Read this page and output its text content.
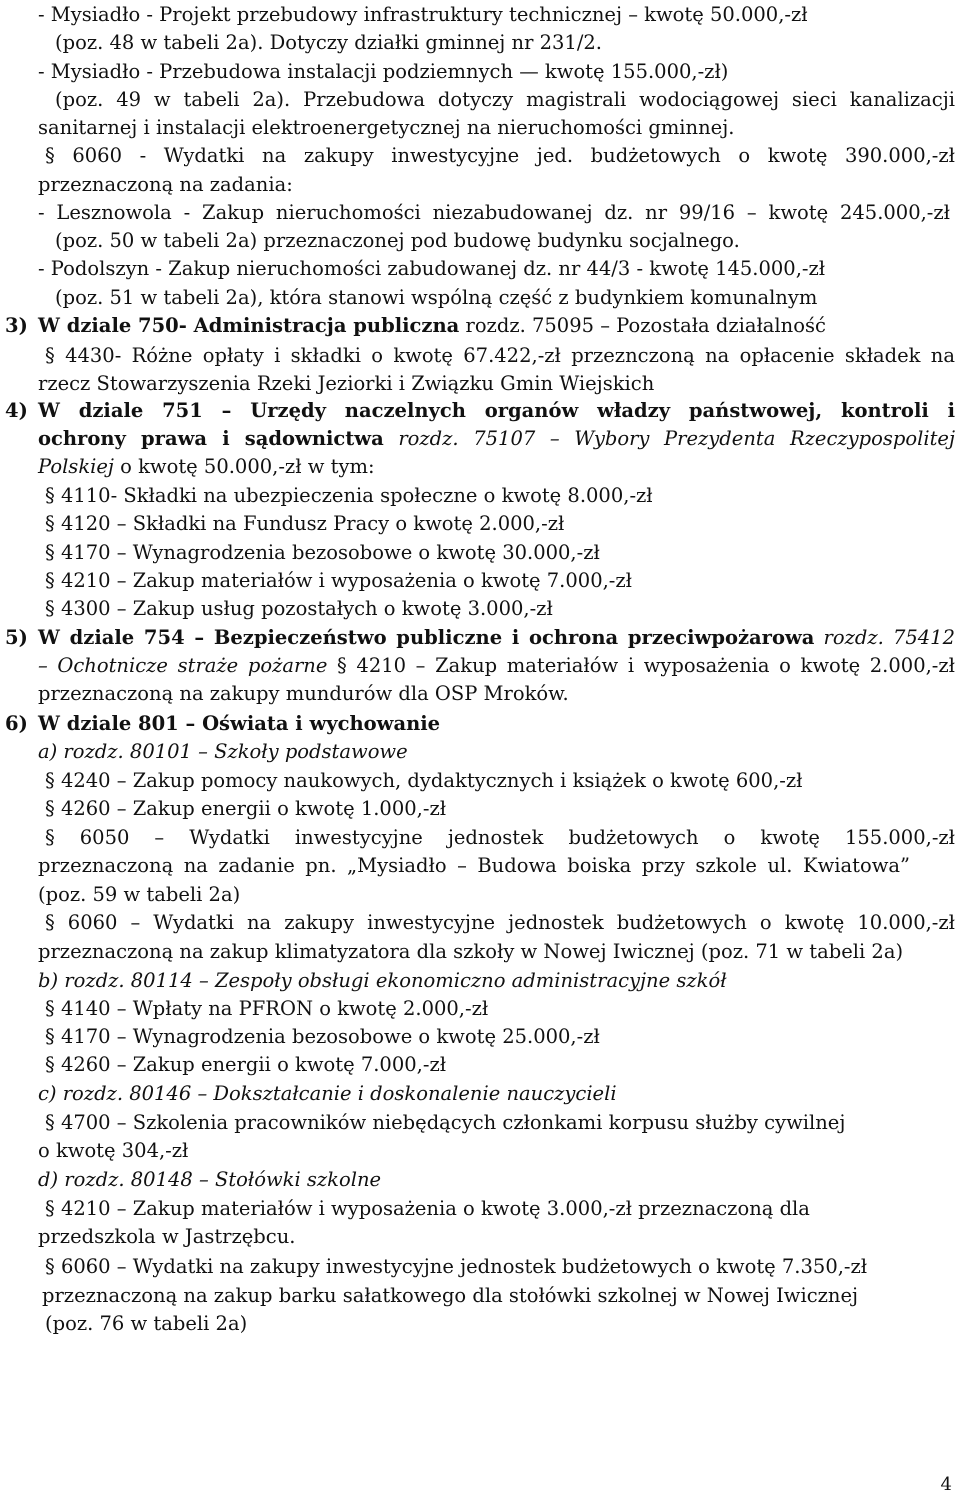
- Mysiadło - Projekt przebudowy infrastruktury technicznej – kwotę 50.000,-zł
(poz. 48 w tabeli 2a). Dotyczy działki gminnej nr 231/2.
- Mysiadło - Przebudowa instalacji podziemnych — kwotę 155.000,-zł)
(poz. 49 w tabeli 2a). Przebudowa dotyczy magistrali wodociągowej sieci kanalizacji
sanitarnej i instalacji elektroenergetycznej na nieruchomości gminnej.
§ 6060 - Wydatki na zakupy inwestycyjne jed. budżetowych o kwotę 390.000,-zł
przeznaczoną na zadania:
- Lesznowola - Zakup nieruchomości niezabudowanej dz. nr 99/16 – kwotę 245.000,-zł
(poz. 50 w tabeli 2a) przeznaczonej pod budowę budynku socjalnego.
- Podolszyn - Zakup nieruchomości zabudowanej dz. nr 44/3 - kwotę 145.000,-zł
(poz. 51 w tabeli 2a), która stanowi wspólną część z budynkiem komunalnym
3) W dziale 750- Administracja publiczna rozdz. 75095 – Pozostała działalność
§ 4430- Różne opłaty i składki o kwotę 67.422,-zł przeznczoną na opłacenie składek na
rzecz Stowarzyszenia Rzeki Jeziorki i Związku Gmin Wiejskich
4) W dziale 751 – Urzędy naczelnych organów władzy państwowej, kontroli i
ochrony prawa i sądownictwa rozdz. 75107 – Wybory Prezydenta Rzeczypospolitej
Polskiej o kwotę 50.000,-zł w tym:
§ 4110- Składki na ubezpieczenia społeczne o kwotę 8.000,-zł
§ 4120 – Składki na Fundusz Pracy o kwotę 2.000,-zł
§ 4170 – Wynagrodzenia bezosobowe o kwotę 30.000,-zł
§ 4210 – Zakup materiałów i wyposażenia o kwotę 7.000,-zł
§ 4300 – Zakup usług pozostałych o kwotę 3.000,-zł
5) W dziale 754 – Bezpieczeństwo publiczne i ochrona przeciwpożarowa rozdz. 75412
– Ochotnicze straże pożarne § 4210 – Zakup materiałów i wyposażenia o kwotę 2.000,-zł
przeznaczoną na zakupy mundurów dla OSP Mroków.
6) W dziale 801 – Oświata i wychowanie
a) rozdz. 80101 – Szkoły podstawowe
§ 4240 – Zakup pomocy naukowych, dydaktycznych i książek o kwotę 600,-zł
§ 4260 – Zakup energii o kwotę 1.000,-zł
§ 6050 – Wydatki inwestycyjne jednostek budżetowych o kwotę 155.000,-zł
przeznaczoną na zadanie pn. „Mysiadło – Budowa boiska przy szkole ul. Kwiatowa”
(poz. 59 w tabeli 2a)
§ 6060 – Wydatki na zakupy inwestycyjne jednostek budżetowych o kwotę 10.000,-zł
przeznaczoną na zakup klimatyzatora dla szkoły w Nowej Iwicznej (poz. 71 w tabeli 2a)
b) rozdz. 80114 – Zespoły obsługi ekonomiczno administracyjne szkół
§ 4140 – Wpłaty na PFRON o kwotę 2.000,-zł
§ 4170 – Wynagrodzenia bezosobowe o kwotę 25.000,-zł
§ 4260 – Zakup energii o kwotę 7.000,-zł
c) rozdz. 80146 – Dokształcanie i doskonalenie nauczycieli
§ 4700 – Szkolenia pracowników niebędących członkami korpusu służby cywilnej
o kwotę 304,-zł
d) rozdz. 80148 – Stołówki szkolne
§ 4210 – Zakup materiałów i wyposażenia o kwotę 3.000,-zł przeznaczoną dla
przedszkola w Jastrzębcu.
§ 6060 – Wydatki na zakupy inwestycyjne jednostek budżetowych o kwotę 7.350,-zł
przeznaczoną na zakup barku sałatkowego dla stołówki szkolnej w Nowej Iwicznej
(poz. 76 w tabeli 2a)
4
